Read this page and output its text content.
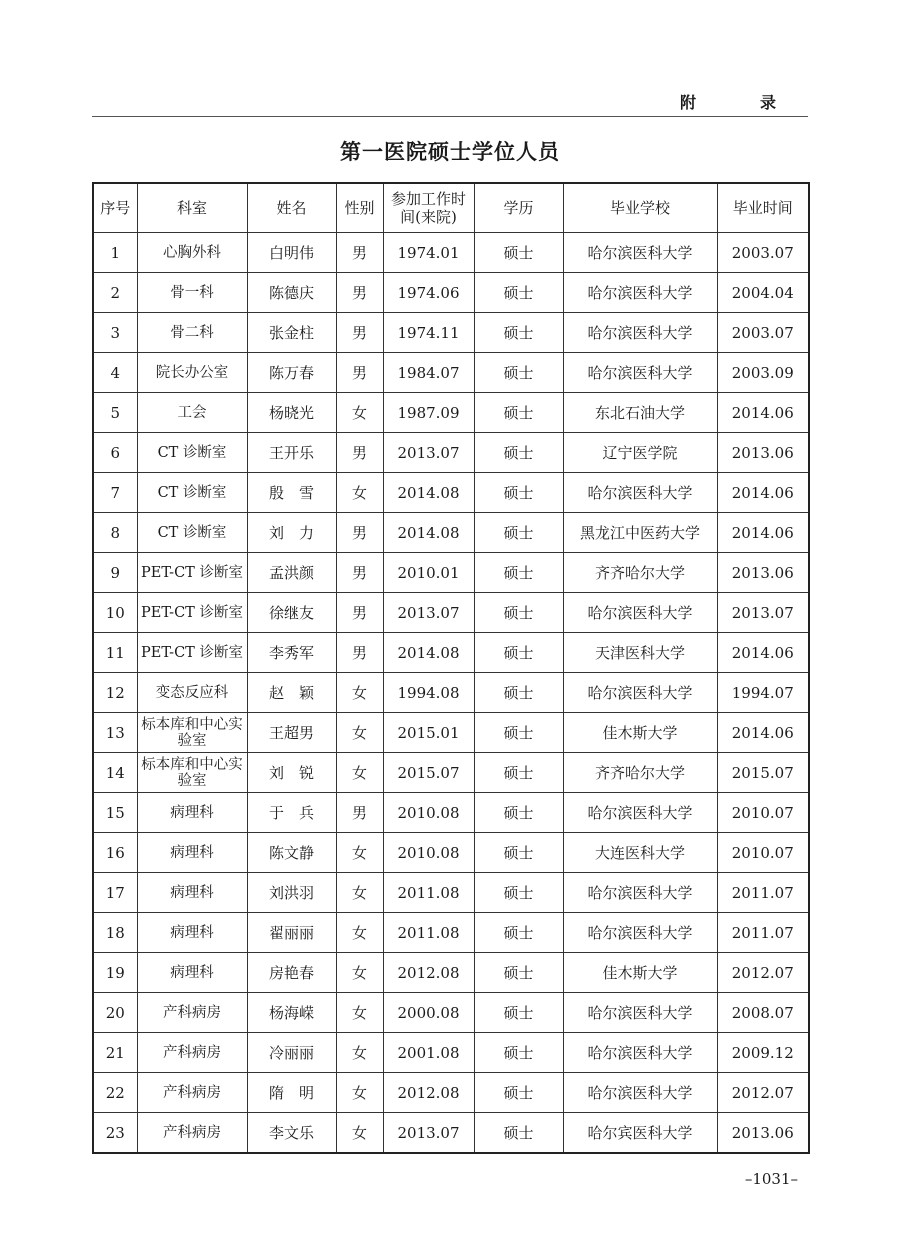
附　录
第一医院硕士学位人员
序号	科室	姓名	性别	参加工作时间(来院)	学历	毕业学校	毕业时间
1	心胸外科	白明伟	男	1974.01	硕士	哈尔滨医科大学	2003.07
2	骨一科	陈德庆	男	1974.06	硕士	哈尔滨医科大学	2004.04
3	骨二科	张金柱	男	1974.11	硕士	哈尔滨医科大学	2003.07
4	院长办公室	陈万春	男	1984.07	硕士	哈尔滨医科大学	2003.09
5	工会	杨晓光	女	1987.09	硕士	东北石油大学	2014.06
6	CT 诊断室	王开乐	男	2013.07	硕士	辽宁医学院	2013.06
7	CT 诊断室	殷　雪	女	2014.08	硕士	哈尔滨医科大学	2014.06
8	CT 诊断室	刘　力	男	2014.08	硕士	黑龙江中医药大学	2014.06
9	PET-CT 诊断室	孟洪颜	男	2010.01	硕士	齐齐哈尔大学	2013.06
10	PET-CT 诊断室	徐继友	男	2013.07	硕士	哈尔滨医科大学	2013.07
11	PET-CT 诊断室	李秀军	男	2014.08	硕士	天津医科大学	2014.06
12	变态反应科	赵　颖	女	1994.08	硕士	哈尔滨医科大学	1994.07
13	标本库和中心实验室	王超男	女	2015.01	硕士	佳木斯大学	2014.06
14	标本库和中心实验室	刘　锐	女	2015.07	硕士	齐齐哈尔大学	2015.07
15	病理科	于　兵	男	2010.08	硕士	哈尔滨医科大学	2010.07
16	病理科	陈文静	女	2010.08	硕士	大连医科大学	2010.07
17	病理科	刘洪羽	女	2011.08	硕士	哈尔滨医科大学	2011.07
18	病理科	翟丽丽	女	2011.08	硕士	哈尔滨医科大学	2011.07
19	病理科	房艳春	女	2012.08	硕士	佳木斯大学	2012.07
20	产科病房	杨海嵘	女	2000.08	硕士	哈尔滨医科大学	2008.07
21	产科病房	冷丽丽	女	2001.08	硕士	哈尔滨医科大学	2009.12
22	产科病房	隋　明	女	2012.08	硕士	哈尔滨医科大学	2012.07
23	产科病房	李文乐	女	2013.07	硕士	哈尔宾医科大学	2013.06
–1031–
